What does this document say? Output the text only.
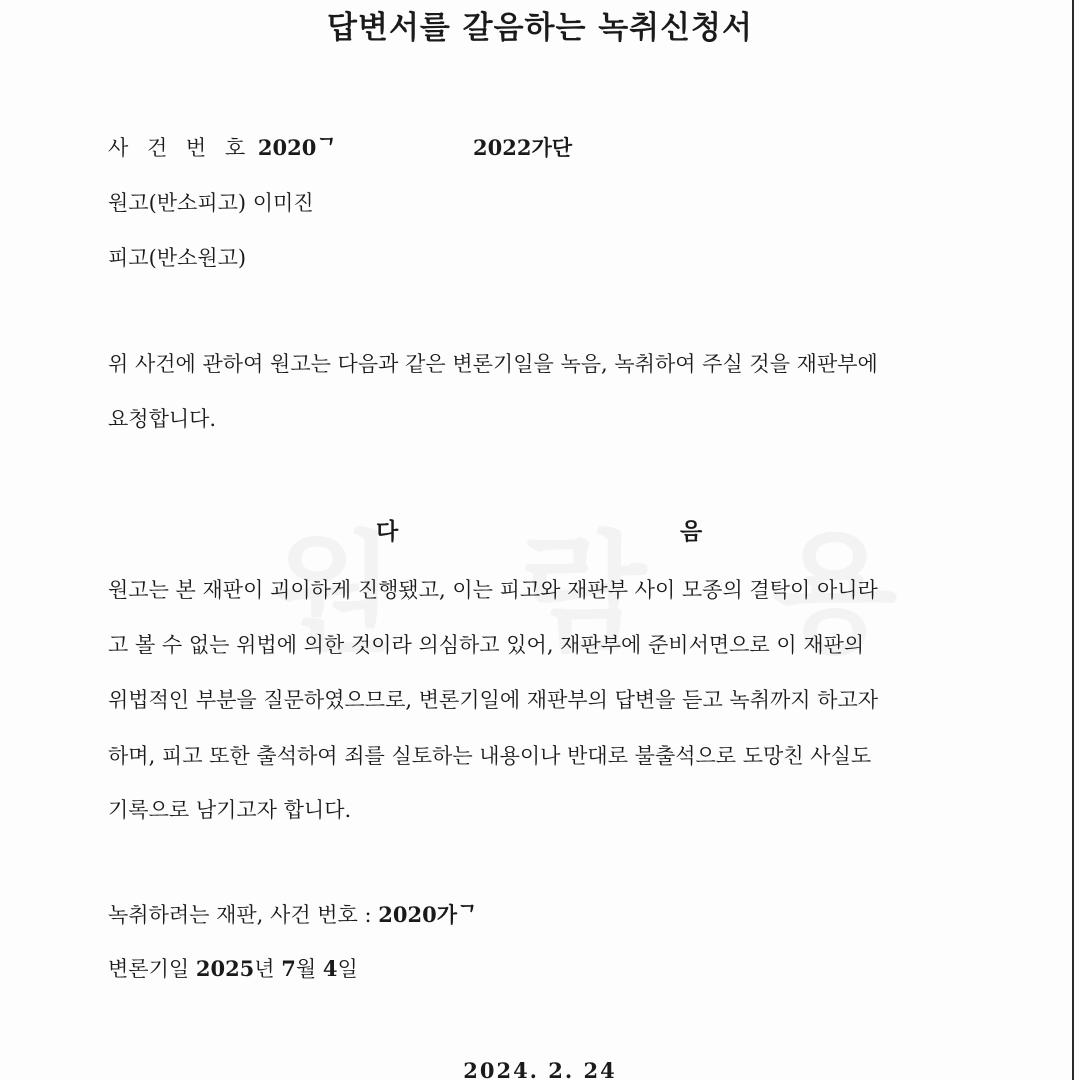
답변서를 갈음하는 녹취신청서
사 건 번 호 2020ᄀ	2022가단
원고(반소피고) 이미진
피고(반소원고)
위 사건에 관하여 원고는 다음과 같은 변론기일을 녹음, 녹취하여 주실 것을 재판부에
요청합니다.
다	음
원고는 본 재판이 괴이하게 진행됐고, 이는 피고와 재판부 사이 모종의 결탁이 아니라
고 볼 수 없는 위법에 의한 것이라 의심하고 있어, 재판부에 준비서면으로 이 재판의
위법적인 부분을 질문하였으므로, 변론기일에 재판부의 답변을 듣고 녹취까지 하고자
하며, 피고 또한 출석하여 죄를 실토하는 내용이나 반대로 불출석으로 도망친 사실도
기록으로 남기고자 합니다.
녹취하려는 재판, 사건 번호 : 2020가ᄀ
변론기일 2025년 7월 4일
2024. 2. 24
